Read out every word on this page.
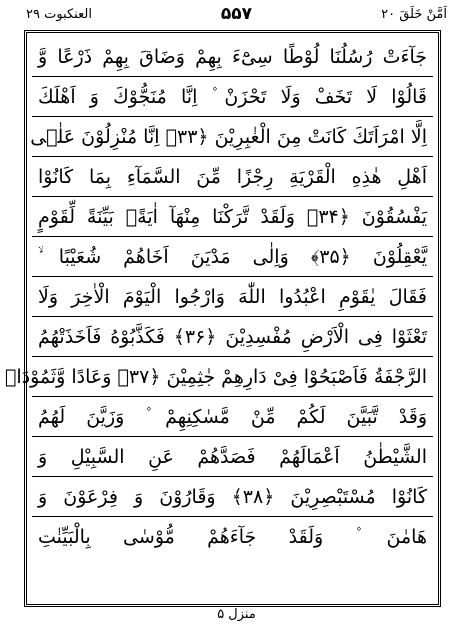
اَمَّنْ خَلَقَ ۲۰
۵۵۷
العنکبوت ۲۹
جَآءَتْ رُسُلُنَا لُوْطًا سِیْٓءَ بِهِمْ وَضَاقَ بِهِمْ ذَرْعًا وَّ
قَالُوْا لَا تَخَفْ وَلَا تَحْزَنْ ۫ اِنَّا مُنَجُّوْكَ وَ اَهْلَكَ
اِلَّا امْرَاَتَكَ كَانَتْ مِنَ الْغٰبِرِیْنَ ﴿۳۳﴾ اِنَّا مُنْزِلُوْنَ عَلٰۤى
اَهْلِ هٰذِهِ الْقَرْیَةِ رِجْزًا مِّنَ السَّمَآءِ بِمَا كَانُوْا
یَفْسُقُوْنَ ﴿۳۴﴾ وَلَقَدْ تَّرَكْنَا مِنْهَآ اٰیَةًۢ بَیِّنَةً لِّقَوْمٍ
یَّعْقِلُوْنَ ﴿۳۵﴾ وَاِلٰى مَدْیَنَ اَخَاهُمْ شُعَیْبًا ۙ
فَقَالَ یٰقَوْمِ اعْبُدُوا اللّٰهَ وَارْجُوا الْیَوْمَ الْاٰخِرَ وَلَا
تَعْثَوْا فِی الْاَرْضِ مُفْسِدِیْنَ ﴿۳۶﴾ فَكَذَّبُوْهُ فَاَخَذَتْهُمُ
الرَّجْفَةُ فَاَصْبَحُوْا فِیْ دَارِهِمْ جٰثِمِیْنَ ﴿۳۷﴾ وَعَادًا وَّثَمُوْدَاۡ
وَقَدْ تَّبَیَّنَ لَكُمْ مِّنْ مَّسٰكِنِهِمْ ۫ وَزَیَّنَ لَهُمُ
الشَّیْطٰنُ اَعْمَالَهُمْ فَصَدَّهُمْ عَنِ السَّبِیْلِ وَ
كَانُوْا مُسْتَبْصِرِیْنَ ﴿۳۸﴾ وَقَارُوْنَ وَ فِرْعَوْنَ وَ
هَامٰنَ ۫ وَلَقَدْ جَآءَهُمْ مُّوْسٰى بِالْبَیِّنٰتِ
منزل ۵
